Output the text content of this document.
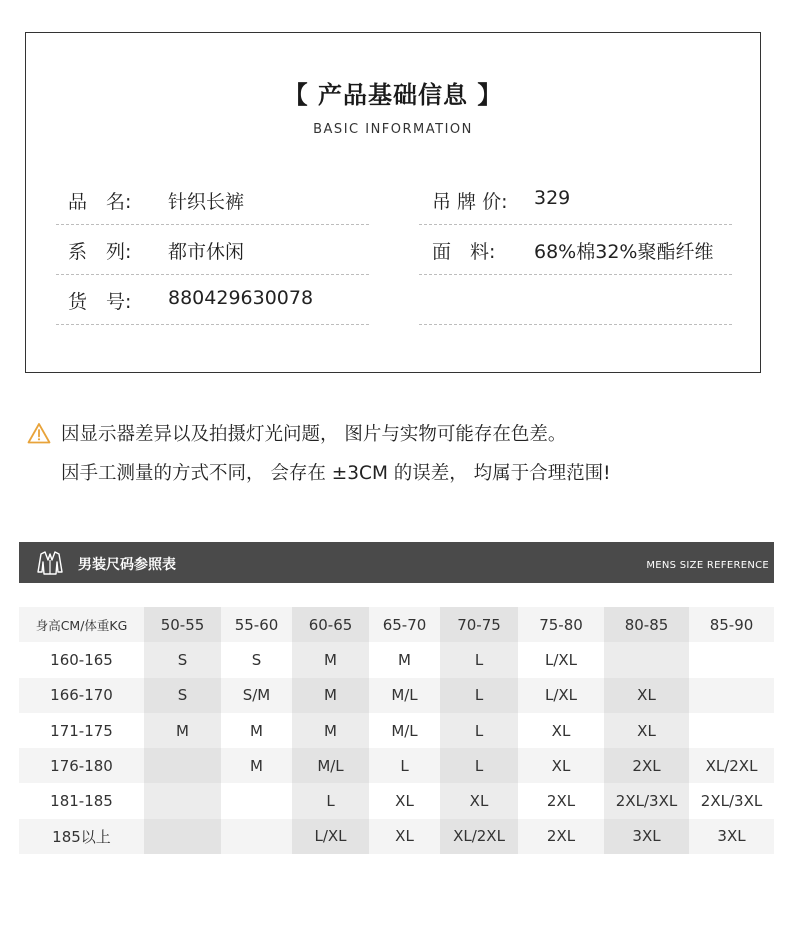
【 产品基础信息 】
BASIC INFORMATION
品　名: 针织长裤	吊 牌 价: 329
系　列: 都市休闲	面　料: 68%棉32%聚酯纤维
货　号: 880429630078
因显示器差异以及拍摄灯光问题， 图片与实物可能存在色差。
因手工测量的方式不同， 会存在 ±3CM 的误差， 均属于合理范围!
男装尺码参照表	MENS SIZE REFERENCE
身高CM/体重KG	50-55	55-60	60-65	65-70	70-75	75-80	80-85	85-90
160-165	S	S	M	M	L	L/XL		
166-170	S	S/M	M	M/L	L	L/XL	XL	
171-175	M	M	M	M/L	L	XL	XL	
176-180		M	M/L	L	L	XL	2XL	XL/2XL
181-185			L	XL	XL	2XL	2XL/3XL	2XL/3XL
185以上			L/XL	XL	XL/2XL	2XL	3XL	3XL
